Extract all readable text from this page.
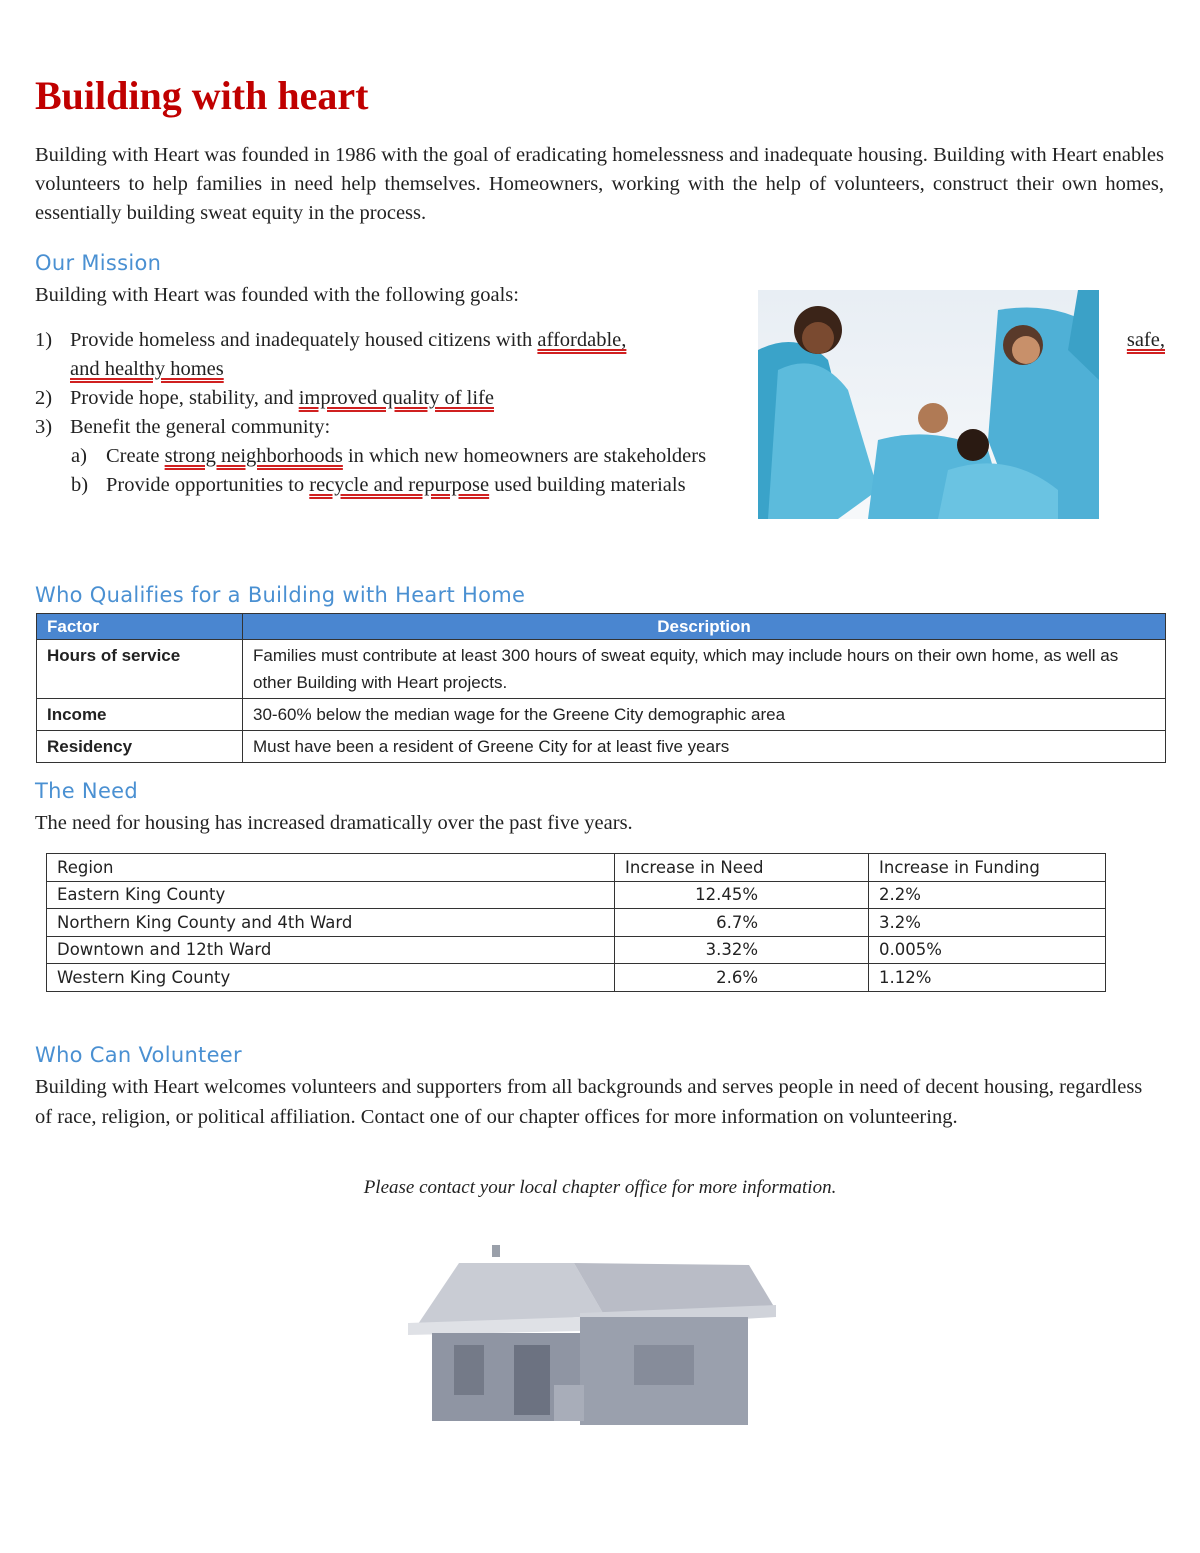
Building with heart

Building with Heart was founded in 1986 with the goal of eradicating homelessness and inadequate housing. Building with Heart enables volunteers to help families in need help themselves. Homeowners, working with the help of volunteers, construct their own homes, essentially building sweat equity in the process.

Our Mission
Building with Heart was founded with the following goals:
1) Provide homeless and inadequately housed citizens with affordable,	safe,
and healthy homes
2) Provide hope, stability, and improved quality of life
3) Benefit the general community:
a) Create strong neighborhoods in which new homeowners are stakeholders
b) Provide opportunities to recycle and repurpose used building materials
Who Qualifies for a Building with Heart Home
Factor	Description
Hours of service	Families must contribute at least 300 hours of sweat equity, which may include hours on their own home, as well as other Building with Heart projects.
Income	30-60% below the median wage for the Greene City demographic area
Residency	Must have been a resident of Greene City for at least five years
The Need
The need for housing has increased dramatically over the past five years.
Region	Increase in Need	Increase in Funding
Eastern King County	12.45%	2.2%
Northern King County and 4th Ward	6.7%	3.2%
Downtown and 12th Ward	3.32%	0.005%
Western King County	2.6%	1.12%
Who Can Volunteer

Building with Heart welcomes volunteers and supporters from all backgrounds and serves people in need of decent housing, regardless of race, religion, or political affiliation. Contact one of our chapter offices for more information on volunteering.

Please contact your local chapter office for more information.
